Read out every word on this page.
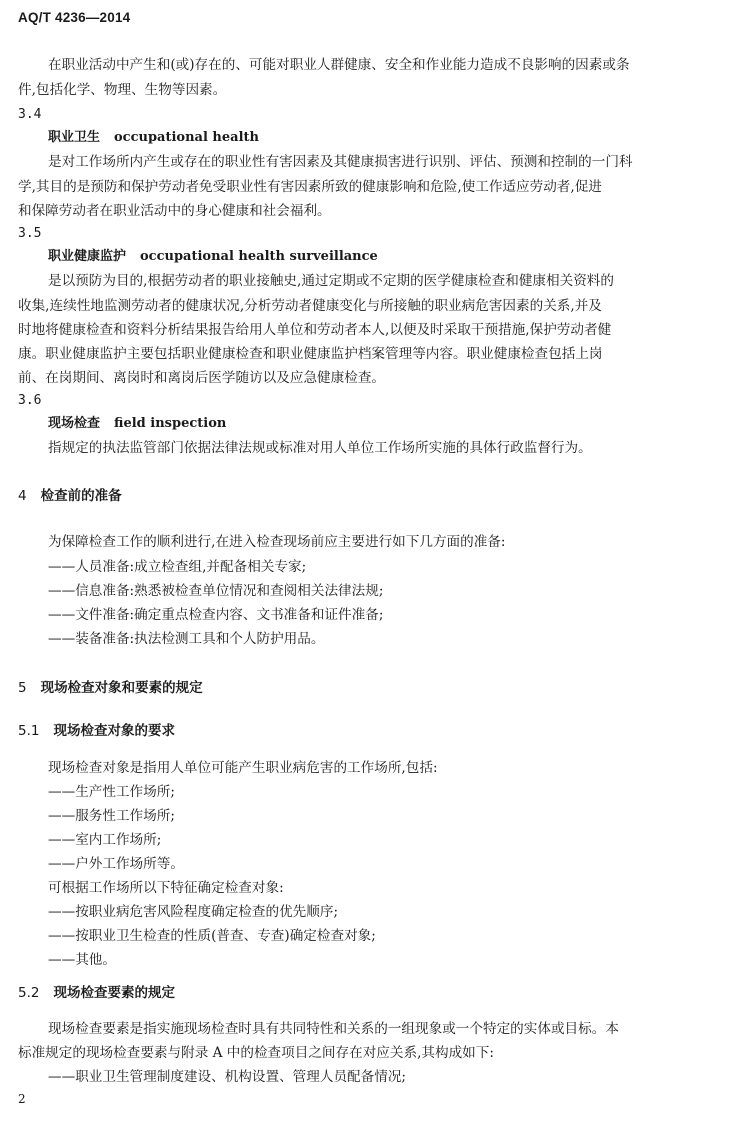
AQ/T 4236—2014
在职业活动中产生和(或)存在的、可能对职业人群健康、安全和作业能力造成不良影响的因素或条
件,包括化学、物理、生物等因素。
3.4
职业卫生 occupational health
是对工作场所内产生或存在的职业性有害因素及其健康损害进行识别、评估、预测和控制的一门科
学,其目的是预防和保护劳动者免受职业性有害因素所致的健康影响和危险,使工作适应劳动者,促进
和保障劳动者在职业活动中的身心健康和社会福利。
3.5
职业健康监护 occupational health surveillance
是以预防为目的,根据劳动者的职业接触史,通过定期或不定期的医学健康检查和健康相关资料的
收集,连续性地监测劳动者的健康状况,分析劳动者健康变化与所接触的职业病危害因素的关系,并及
时地将健康检查和资料分析结果报告给用人单位和劳动者本人,以便及时采取干预措施,保护劳动者健
康。职业健康监护主要包括职业健康检查和职业健康监护档案管理等内容。职业健康检查包括上岗
前、在岗期间、离岗时和离岗后医学随访以及应急健康检查。
3.6
现场检查 field inspection
指规定的执法监管部门依据法律法规或标准对用人单位工作场所实施的具体行政监督行为。
4 检查前的准备
为保障检查工作的顺利进行,在进入检查现场前应主要进行如下几方面的准备:
——人员准备:成立检查组,并配备相关专家;
——信息准备:熟悉被检查单位情况和查阅相关法律法规;
——文件准备:确定重点检查内容、文书准备和证件准备;
——装备准备:执法检测工具和个人防护用品。
5 现场检查对象和要素的规定
5.1 现场检查对象的要求
现场检查对象是指用人单位可能产生职业病危害的工作场所,包括:
——生产性工作场所;
——服务性工作场所;
——室内工作场所;
——户外工作场所等。
可根据工作场所以下特征确定检查对象:
——按职业病危害风险程度确定检查的优先顺序;
——按职业卫生检查的性质(普查、专查)确定检查对象;
——其他。
5.2 现场检查要素的规定
现场检查要素是指实施现场检查时具有共同特性和关系的一组现象或一个特定的实体或目标。本
标准规定的现场检查要素与附录 A 中的检查项目之间存在对应关系,其构成如下:
——职业卫生管理制度建设、机构设置、管理人员配备情况;
2
